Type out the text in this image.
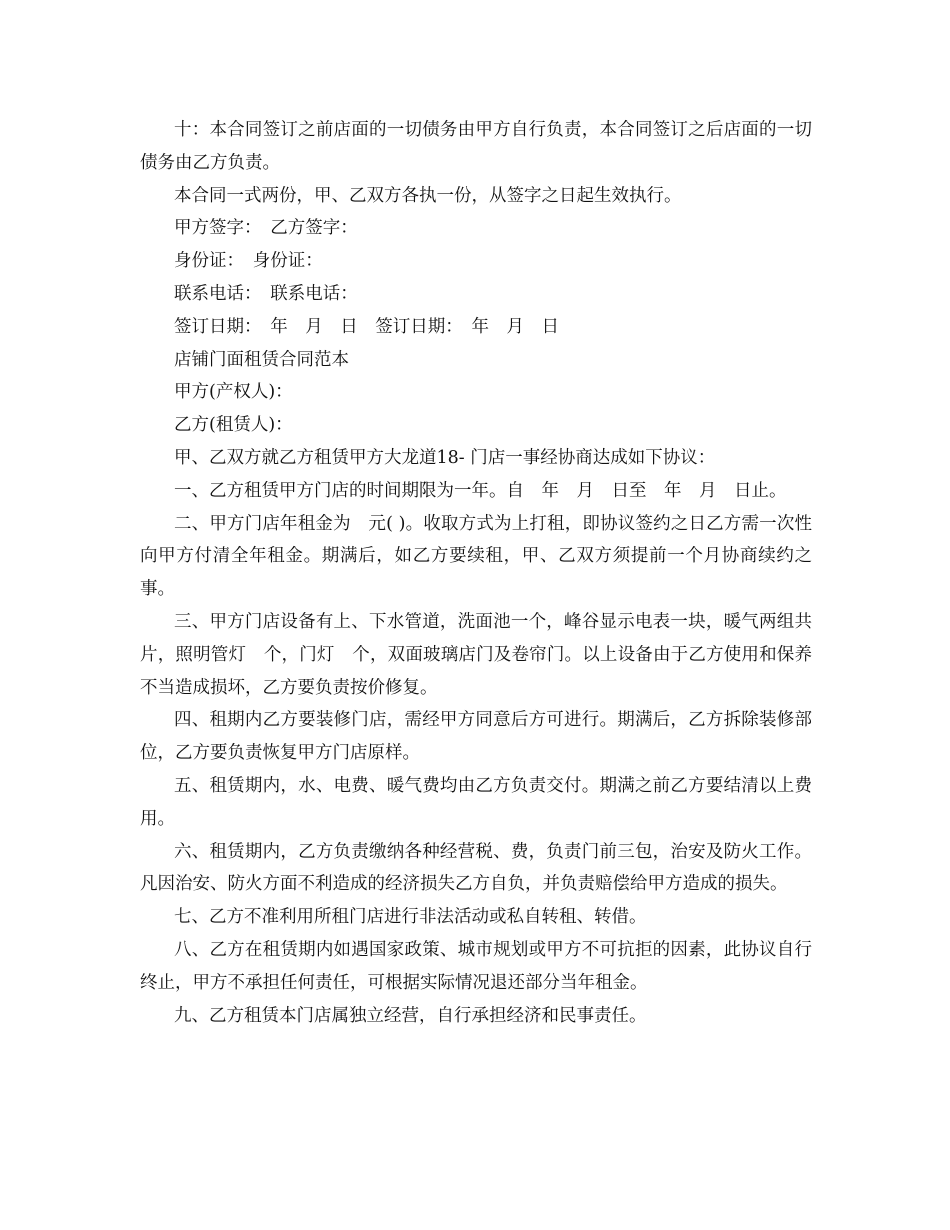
十：本合同签订之前店面的一切债务由甲方自行负责，本合同签订之后店面的一切债务由乙方负责。

本合同一式两份，甲、乙双方各执一份，从签字之日起生效执行。

甲方签字：　乙方签字：

身份证：　身份证：

联系电话：　联系电话：

签订日期：　年　月　日　签订日期：　年　月　日

店铺门面租赁合同范本

甲方(产权人)：

乙方(租赁人)：

甲、乙双方就乙方租赁甲方大龙道18- 门店一事经协商达成如下协议：

一、乙方租赁甲方门店的时间期限为一年。自　年　月　日至　年　月　日止。

二、甲方门店年租金为　元( )。收取方式为上打租，即协议签约之日乙方需一次性向甲方付清全年租金。期满后，如乙方要续租，甲、乙双方须提前一个月协商续约之事。

三、甲方门店设备有上、下水管道，洗面池一个，峰谷显示电表一块，暖气两组共　片，照明管灯　个，门灯　个，双面玻璃店门及卷帘门。以上设备由于乙方使用和保养不当造成损坏，乙方要负责按价修复。

四、租期内乙方要装修门店，需经甲方同意后方可进行。期满后，乙方拆除装修部位，乙方要负责恢复甲方门店原样。

五、租赁期内，水、电费、暖气费均由乙方负责交付。期满之前乙方要结清以上费用。

六、租赁期内，乙方负责缴纳各种经营税、费，负责门前三包，治安及防火工作。凡因治安、防火方面不利造成的经济损失乙方自负，并负责赔偿给甲方造成的损失。

七、乙方不准利用所租门店进行非法活动或私自转租、转借。

八、乙方在租赁期内如遇国家政策、城市规划或甲方不可抗拒的因素，此协议自行终止，甲方不承担任何责任，可根据实际情况退还部分当年租金。

九、乙方租赁本门店属独立经营，自行承担经济和民事责任。
